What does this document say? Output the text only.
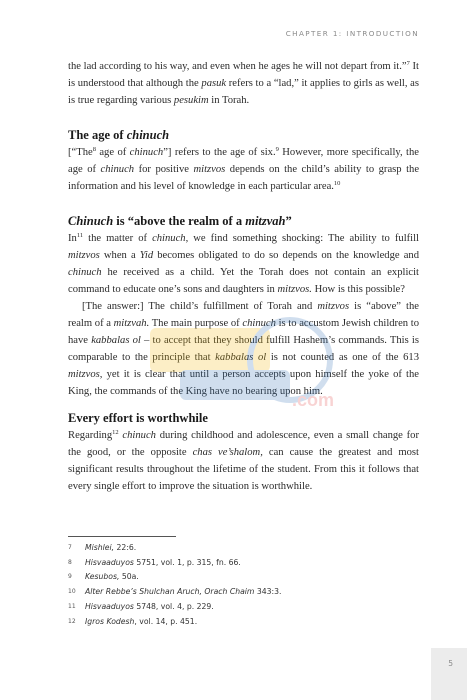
CHAPTER 1: INTRODUCTION

the lad according to his way, and even when he ages he will not depart from it.”$^7$ It is understood that although the pasuk refers to a “lad,” it applies to girls as well, as is true regarding various pesukim in Torah.

The age of chinuch

[“The$^8$ age of chinuch”] refers to the age of six.$^9$ However, more specifically, the age of chinuch for positive mitzvos depends on the child’s ability to grasp the information and his level of knowledge in each particular area.$^{10}$

Chinuch is “above the realm of a mitzvah”

In$^{11}$ the matter of chinuch, we find something shocking: The ability to fulfill mitzvos when a Yid becomes obligated to do so depends on the knowledge and chinuch he received as a child. Yet the Torah does not contain an explicit command to educate one’s sons and daughters in mitzvos. How is this possible?

[The answer:] The child’s fulfillment of Torah and mitzvos is “above” the realm of a mitzvah. The main purpose of chinuch is to accustom Jewish children to have kabbalas ol – to accept that they should fulfill Hashem’s commands. This is comparable to the principle that kabbalas ol is not counted as one of the 613 mitzvos, yet it is clear that until a person accepts upon himself the yoke of the King, the commands of the King have no bearing upon him.

Every effort is worthwhile

Regarding$^{12}$ chinuch during childhood and adolescence, even a small change for the good, or the opposite chas ve’shalom, can cause the greatest and most significant results throughout the lifetime of the student. From this it follows that every single effort to improve the situation is worthwhile.

.com
7	Mishlei, 22:6.
8	Hisvaaduyos 5751, vol. 1, p. 315, fn. 66.
9	Kesubos, 50a.
10	Alter Rebbe’s Shulchan Aruch, Orach Chaim 343:3.
11	Hisvaaduyos 5748, vol. 4, p. 229.
12	Igros Kodesh, vol. 14, p. 451.
5
